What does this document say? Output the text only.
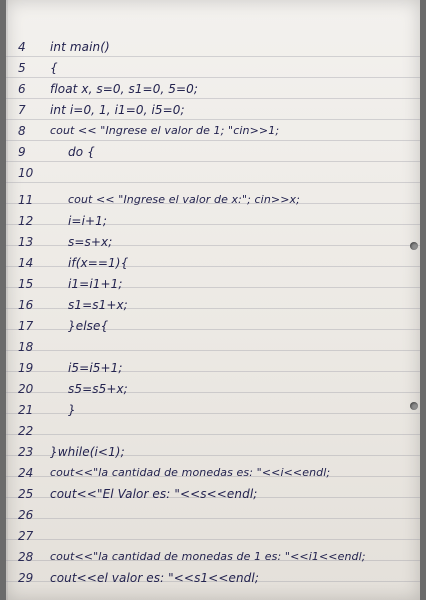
4	int main()
5	{
6	float x, s=0, s1=0, 5=0;
7	int i=0, 1, i1=0, i5=0;
8	cout << "Ingrese el valor de 1; "cin>>1;
9	do {
10
11	cout << "Ingrese el valor de x:"; cin>>x;
12	i=i+1;
13	s=s+x;
14	if(x==1){
15	i1=i1+1;
16	s1=s1+x;
17	}else{
18
19	i5=i5+1;
20	s5=s5+x;
21	}
22
23	}while(i<1);
24	cout<<"la cantidad de monedas es: "<<i<<endl;
25	cout<<"El Valor es: "<<s<<endl;
26
27
28	cout<<"la cantidad de monedas de 1 es: "<<i1<<endl;
29	cout<<el valor es: "<<s1<<endl;
